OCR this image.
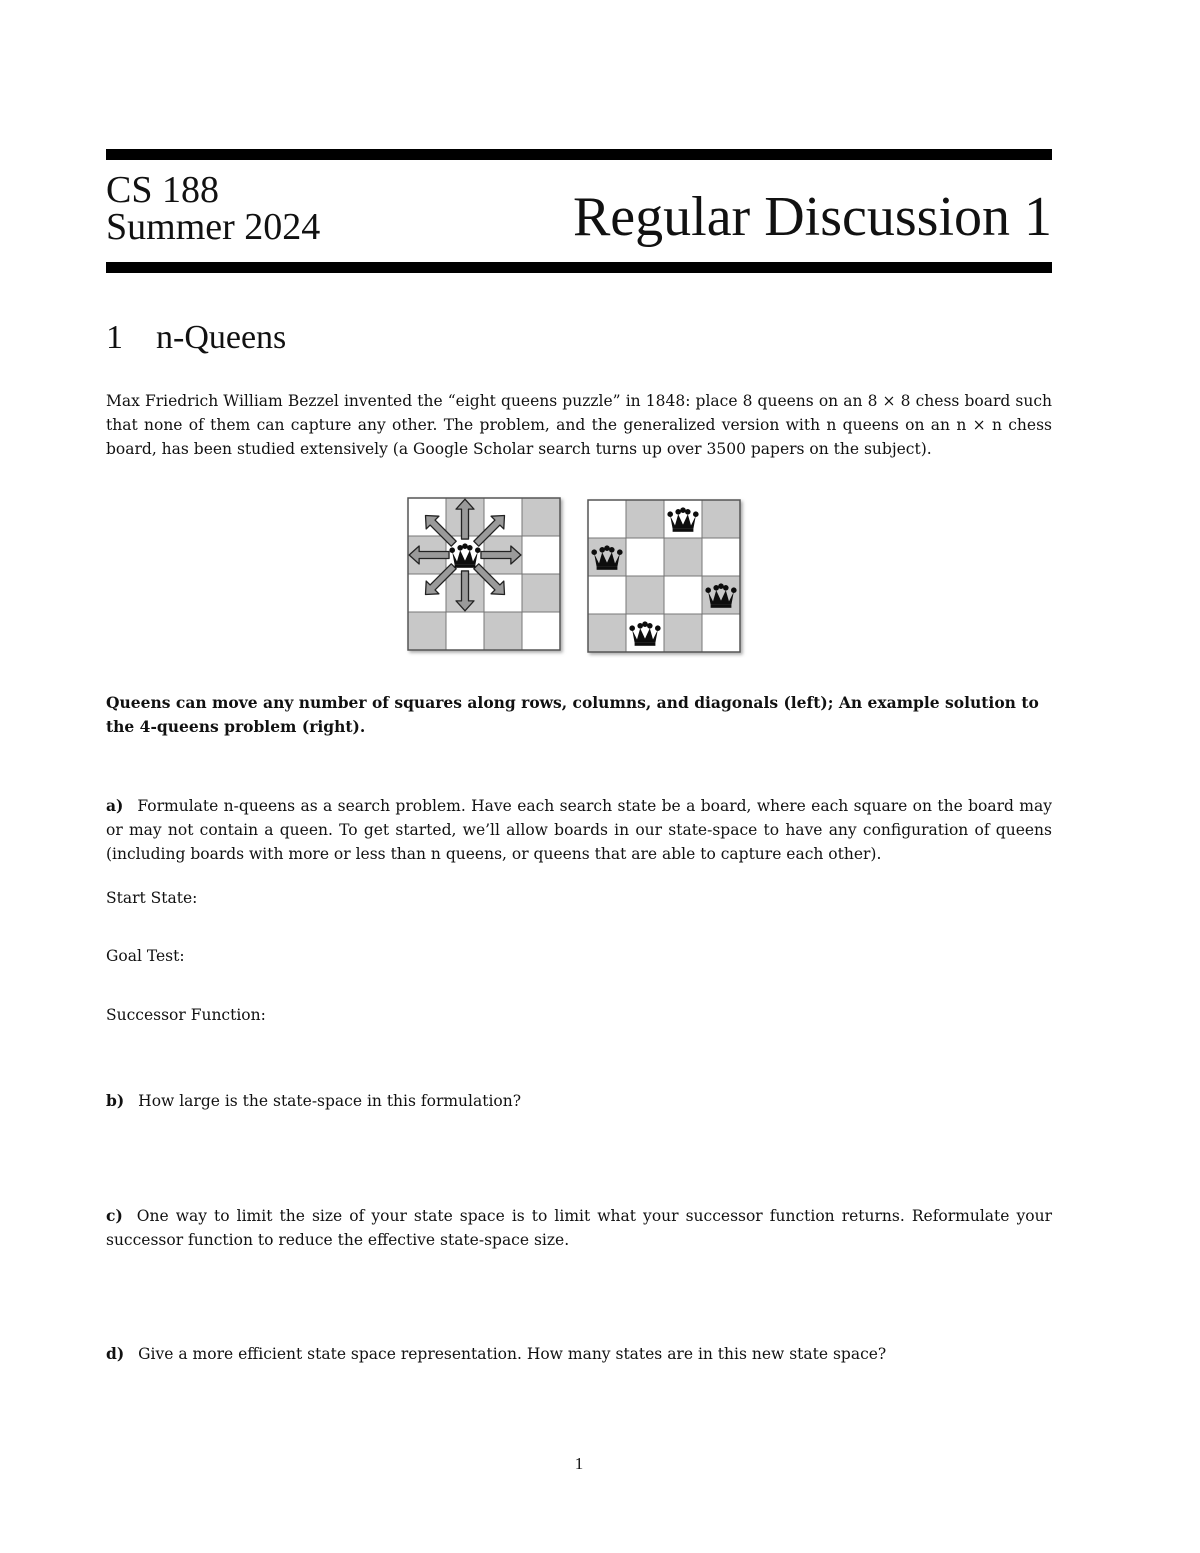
CS 188
Summer 2024	Regular Discussion 1
1 n-Queens
Max Friedrich William Bezzel invented the “eight queens puzzle” in 1848: place 8 queens on an 8 × 8 chess board such that none of them can capture any other. The problem, and the generalized version with n queens on an n × n chess board, has been studied extensively (a Google Scholar search turns up over 3500 papers on the subject).
Queens can move any number of squares along rows, columns, and diagonals (left); An example solution to the 4-queens problem (right).
a) Formulate n-queens as a search problem. Have each search state be a board, where each square on the board may or may not contain a queen. To get started, we’ll allow boards in our state-space to have any configuration of queens (including boards with more or less than n queens, or queens that are able to capture each other).
Start State:
Goal Test:
Successor Function:
b) How large is the state-space in this formulation?
c) One way to limit the size of your state space is to limit what your successor function returns. Reformulate your successor function to reduce the effective state-space size.
d) Give a more efficient state space representation. How many states are in this new state space?
1
